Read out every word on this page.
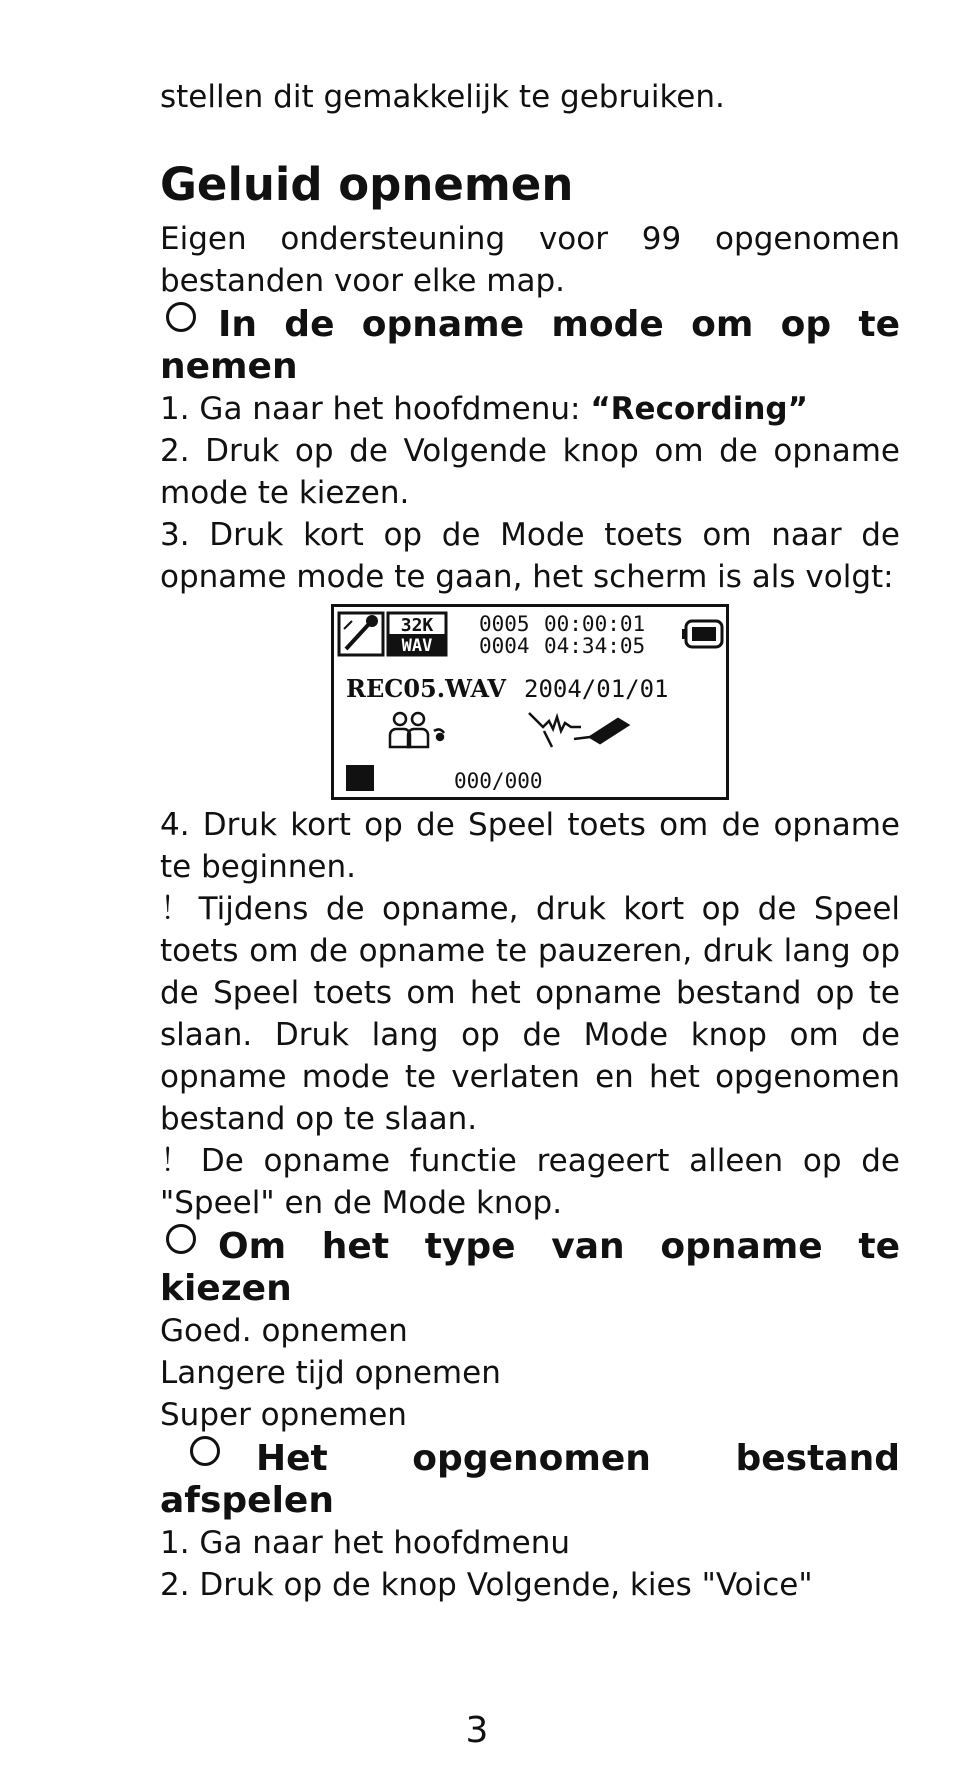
stellen dit gemakkelijk te gebruiken.

Geluid opnemen

Eigen ondersteuning voor 99 opgenomen bestanden voor elke map.

In de opname mode om op te nemen

1. Ga naar het hoofdmenu: “Recording”

2. Druk op de Volgende knop om de opname mode te kiezen.

3. Druk kort op de Mode toets om naar de opname mode te gaan, het scherm is als volgt:

32K
WAV
0005 00:00:01
0004 04:34:05
REC05.WAV 2004/01/01
000/000

4. Druk kort op de Speel toets om de opname te beginnen.

！Tijdens de opname, druk kort op de Speel toets om de opname te pauzeren, druk lang op de Speel toets om het opname bestand op te slaan. Druk lang op de Mode knop om de opname mode te verlaten en het opgenomen bestand op te slaan.

！De opname functie reageert alleen op de "Speel" en de Mode knop.

Om het type van opname te kiezen

Goed. opnemen

Langere tijd opnemen

Super opnemen

Het opgenomen bestand afspelen

1. Ga naar het hoofdmenu

2. Druk op de knop Volgende, kies "Voice"

3
